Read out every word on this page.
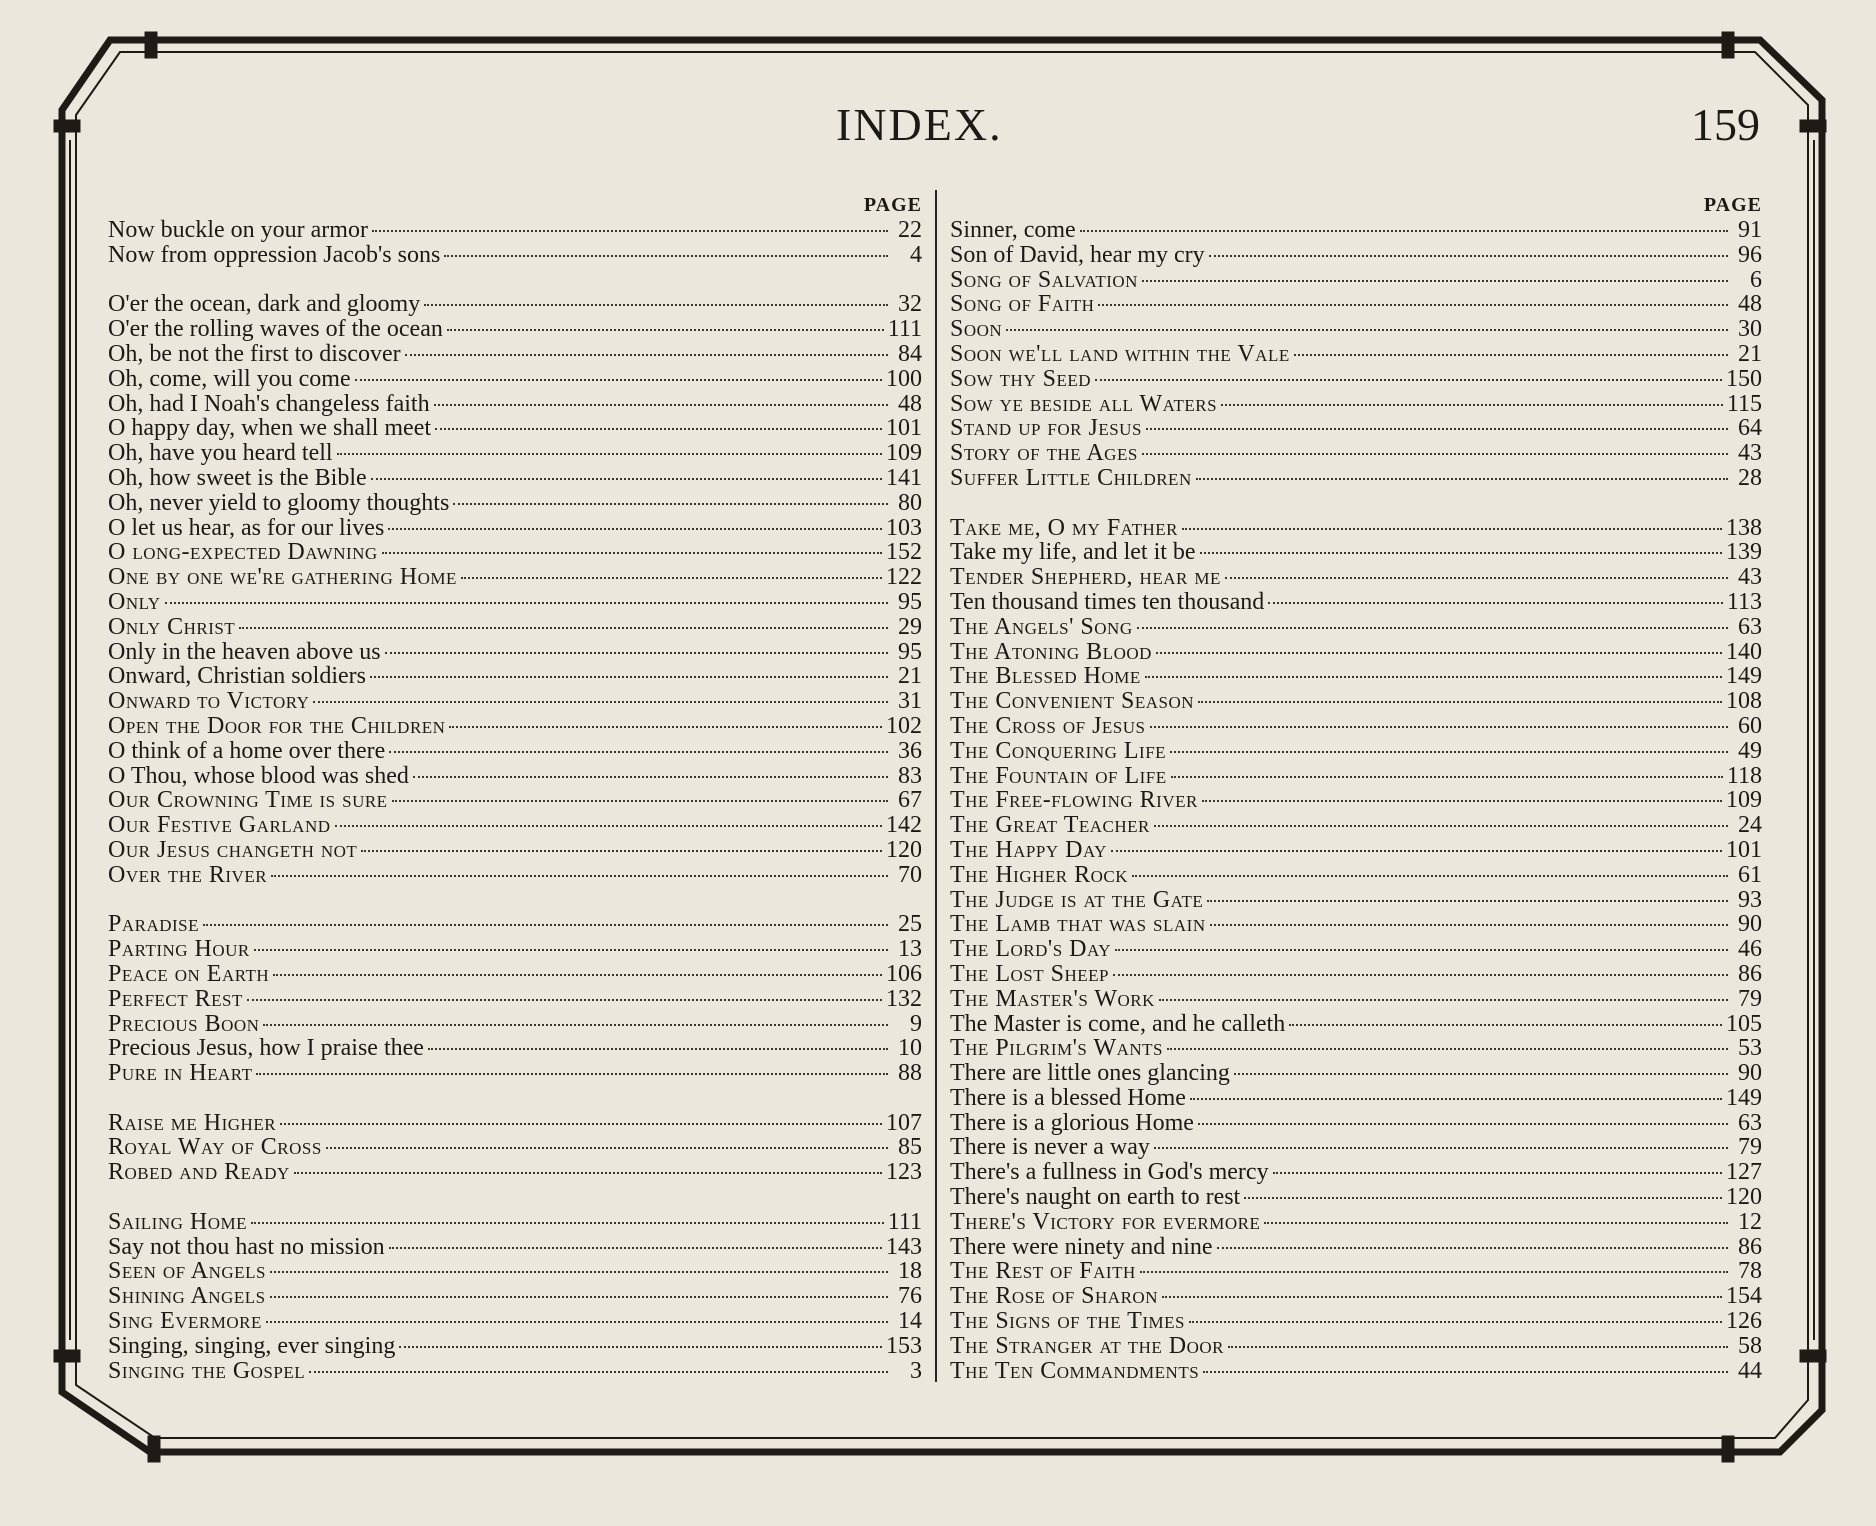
INDEX.	159
PAGE
Now buckle on your armor	22
Now from oppression Jacob's sons	4
O'er the ocean, dark and gloomy	32
O'er the rolling waves of the ocean	111
Oh, be not the first to discover	84
Oh, come, will you come	100
Oh, had I Noah's changeless faith	48
O happy day, when we shall meet	101
Oh, have you heard tell	109
Oh, how sweet is the Bible	141
Oh, never yield to gloomy thoughts	80
O let us hear, as for our lives	103
O long-expected Dawning	152
One by one we're gathering Home	122
Only	95
Only Christ	29
Only in the heaven above us	95
Onward, Christian soldiers	21
Onward to Victory	31
Open the Door for the Children	102
O think of a home over there	36
O Thou, whose blood was shed	83
Our Crowning Time is sure	67
Our Festive Garland	142
Our Jesus changeth not	120
Over the River	70
Paradise	25
Parting Hour	13
Peace on Earth	106
Perfect Rest	132
Precious Boon	9
Precious Jesus, how I praise thee	10
Pure in Heart	88
Raise me Higher	107
Royal Way of Cross	85
Robed and Ready	123
Sailing Home	111
Say not thou hast no mission	143
Seen of Angels	18
Shining Angels	76
Sing Evermore	14
Singing, singing, ever singing	153
Singing the Gospel	3
PAGE
Sinner, come	91
Son of David, hear my cry	96
Song of Salvation	6
Song of Faith	48
Soon	30
Soon we'll land within the Vale	21
Sow thy Seed	150
Sow ye beside all Waters	115
Stand up for Jesus	64
Story of the Ages	43
Suffer Little Children	28
Take me, O my Father	138
Take my life, and let it be	139
Tender Shepherd, hear me	43
Ten thousand times ten thousand	113
The Angels' Song	63
The Atoning Blood	140
The Blessed Home	149
The Convenient Season	108
The Cross of Jesus	60
The Conquering Life	49
The Fountain of Life	118
The Free-flowing River	109
The Great Teacher	24
The Happy Day	101
The Higher Rock	61
The Judge is at the Gate	93
The Lamb that was slain	90
The Lord's Day	46
The Lost Sheep	86
The Master's Work	79
The Master is come, and he calleth	105
The Pilgrim's Wants	53
There are little ones glancing	90
There is a blessed Home	149
There is a glorious Home	63
There is never a way	79
There's a fullness in God's mercy	127
There's naught on earth to rest	120
There's Victory for evermore	12
There were ninety and nine	86
The Rest of Faith	78
The Rose of Sharon	154
The Signs of the Times	126
The Stranger at the Door	58
The Ten Commandments	44
